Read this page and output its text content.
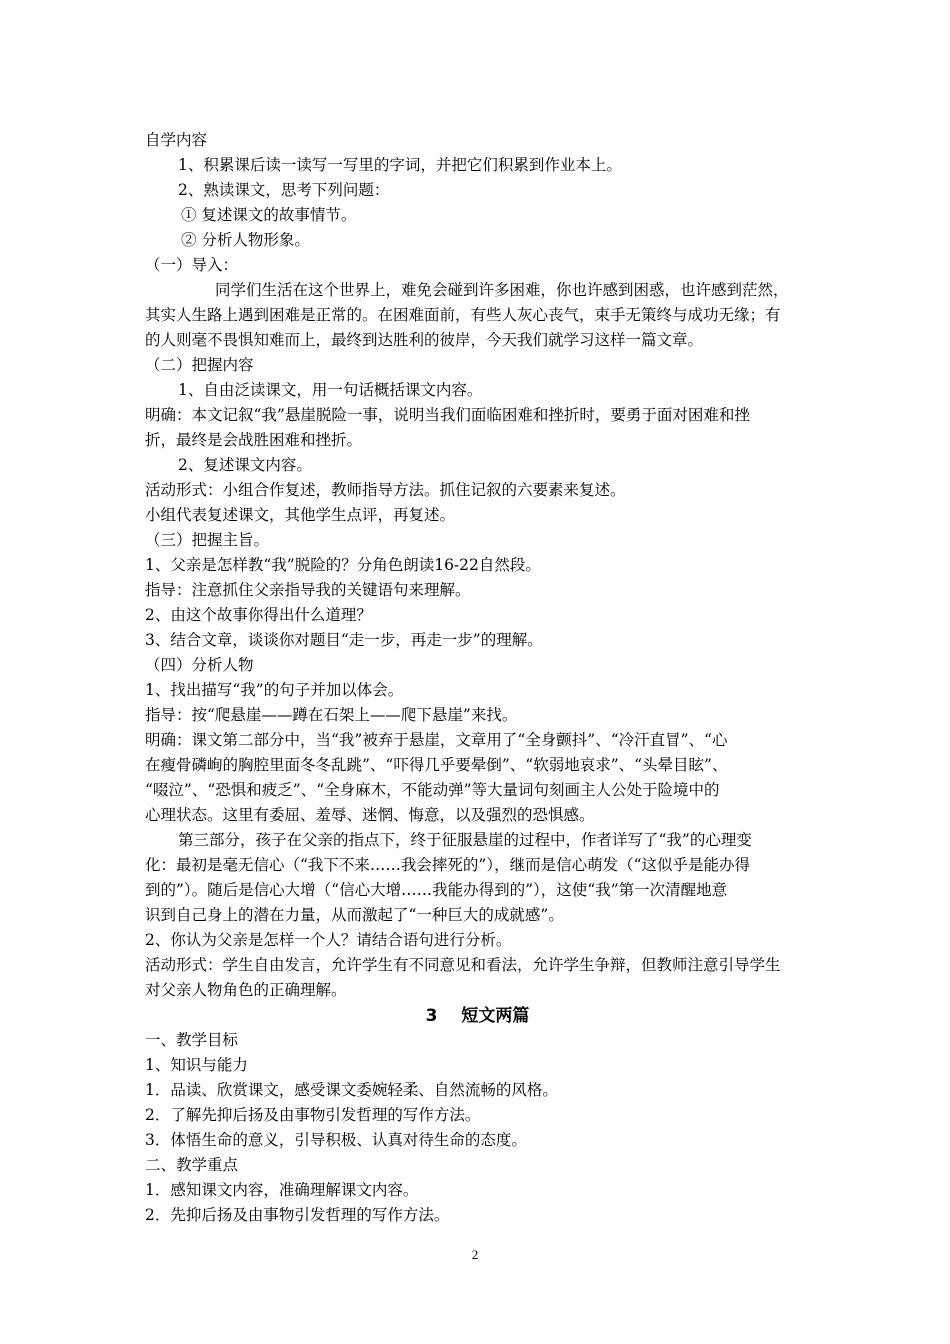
自学内容
1、积累课后读一读写一写里的字词，并把它们积累到作业本上。
2、熟读课文，思考下列问题：
① 复述课文的故事情节。
② 分析人物形象。
（一）导入：
同学们生活在这个世界上，难免会碰到许多困难，你也许感到困惑，也许感到茫然，
其实人生路上遇到困难是正常的。在困难面前，有些人灰心丧气，束手无策终与成功无缘；有
的人则毫不畏惧知难而上，最终到达胜利的彼岸，今天我们就学习这样一篇文章。
（二）把握内容
1、自由泛读课文，用一句话概括课文内容。
明确：本文记叙“我”悬崖脱险一事，说明当我们面临困难和挫折时，要勇于面对困难和挫
折，最终是会战胜困难和挫折。
2、复述课文内容。
活动形式：小组合作复述，教师指导方法。抓住记叙的六要素来复述。
小组代表复述课文，其他学生点评，再复述。
（三）把握主旨。
1、父亲是怎样教“我”脱险的？分角色朗读16-22自然段。
指导：注意抓住父亲指导我的关键语句来理解。
2、由这个故事你得出什么道理？
3、结合文章，谈谈你对题目“走一步，再走一步”的理解。
（四）分析人物
1、找出描写“我”的句子并加以体会。
指导：按“爬悬崖——蹲在石架上——爬下悬崖”来找。
明确：课文第二部分中，当“我”被弃于悬崖，文章用了“全身颤抖”、“冷汗直冒”、“心
在瘦骨磷峋的胸腔里面冬冬乱跳”、“吓得几乎要晕倒”、“软弱地哀求”、“头晕目眩”、
“啜泣”、“恐惧和疲乏”、“全身麻木，不能动弹”等大量词句刻画主人公处于险境中的
心理状态。这里有委屈、羞辱、迷惘、悔意，以及强烈的恐惧感。
第三部分，孩子在父亲的指点下，终于征服悬崖的过程中，作者详写了“我”的心理变
化：最初是毫无信心（“我下不来……我会摔死的”），继而是信心萌发（“这似乎是能办得
到的”）。随后是信心大增（“信心大增……我能办得到的”），这使“我”第一次清醒地意
识到自己身上的潜在力量，从而激起了“一种巨大的成就感”。
2、你认为父亲是怎样一个人？请结合语句进行分析。
活动形式：学生自由发言，允许学生有不同意见和看法，允许学生争辩，但教师注意引导学生
对父亲人物角色的正确理解。
3 短文两篇
一、教学目标
1、知识与能力
1．品读、欣赏课文，感受课文委婉轻柔、自然流畅的风格。
2．了解先抑后扬及由事物引发哲理的写作方法。
3．体悟生命的意义，引导积极、认真对待生命的态度。
二、教学重点
1．感知课文内容，准确理解课文内容。
2．先抑后扬及由事物引发哲理的写作方法。
2
